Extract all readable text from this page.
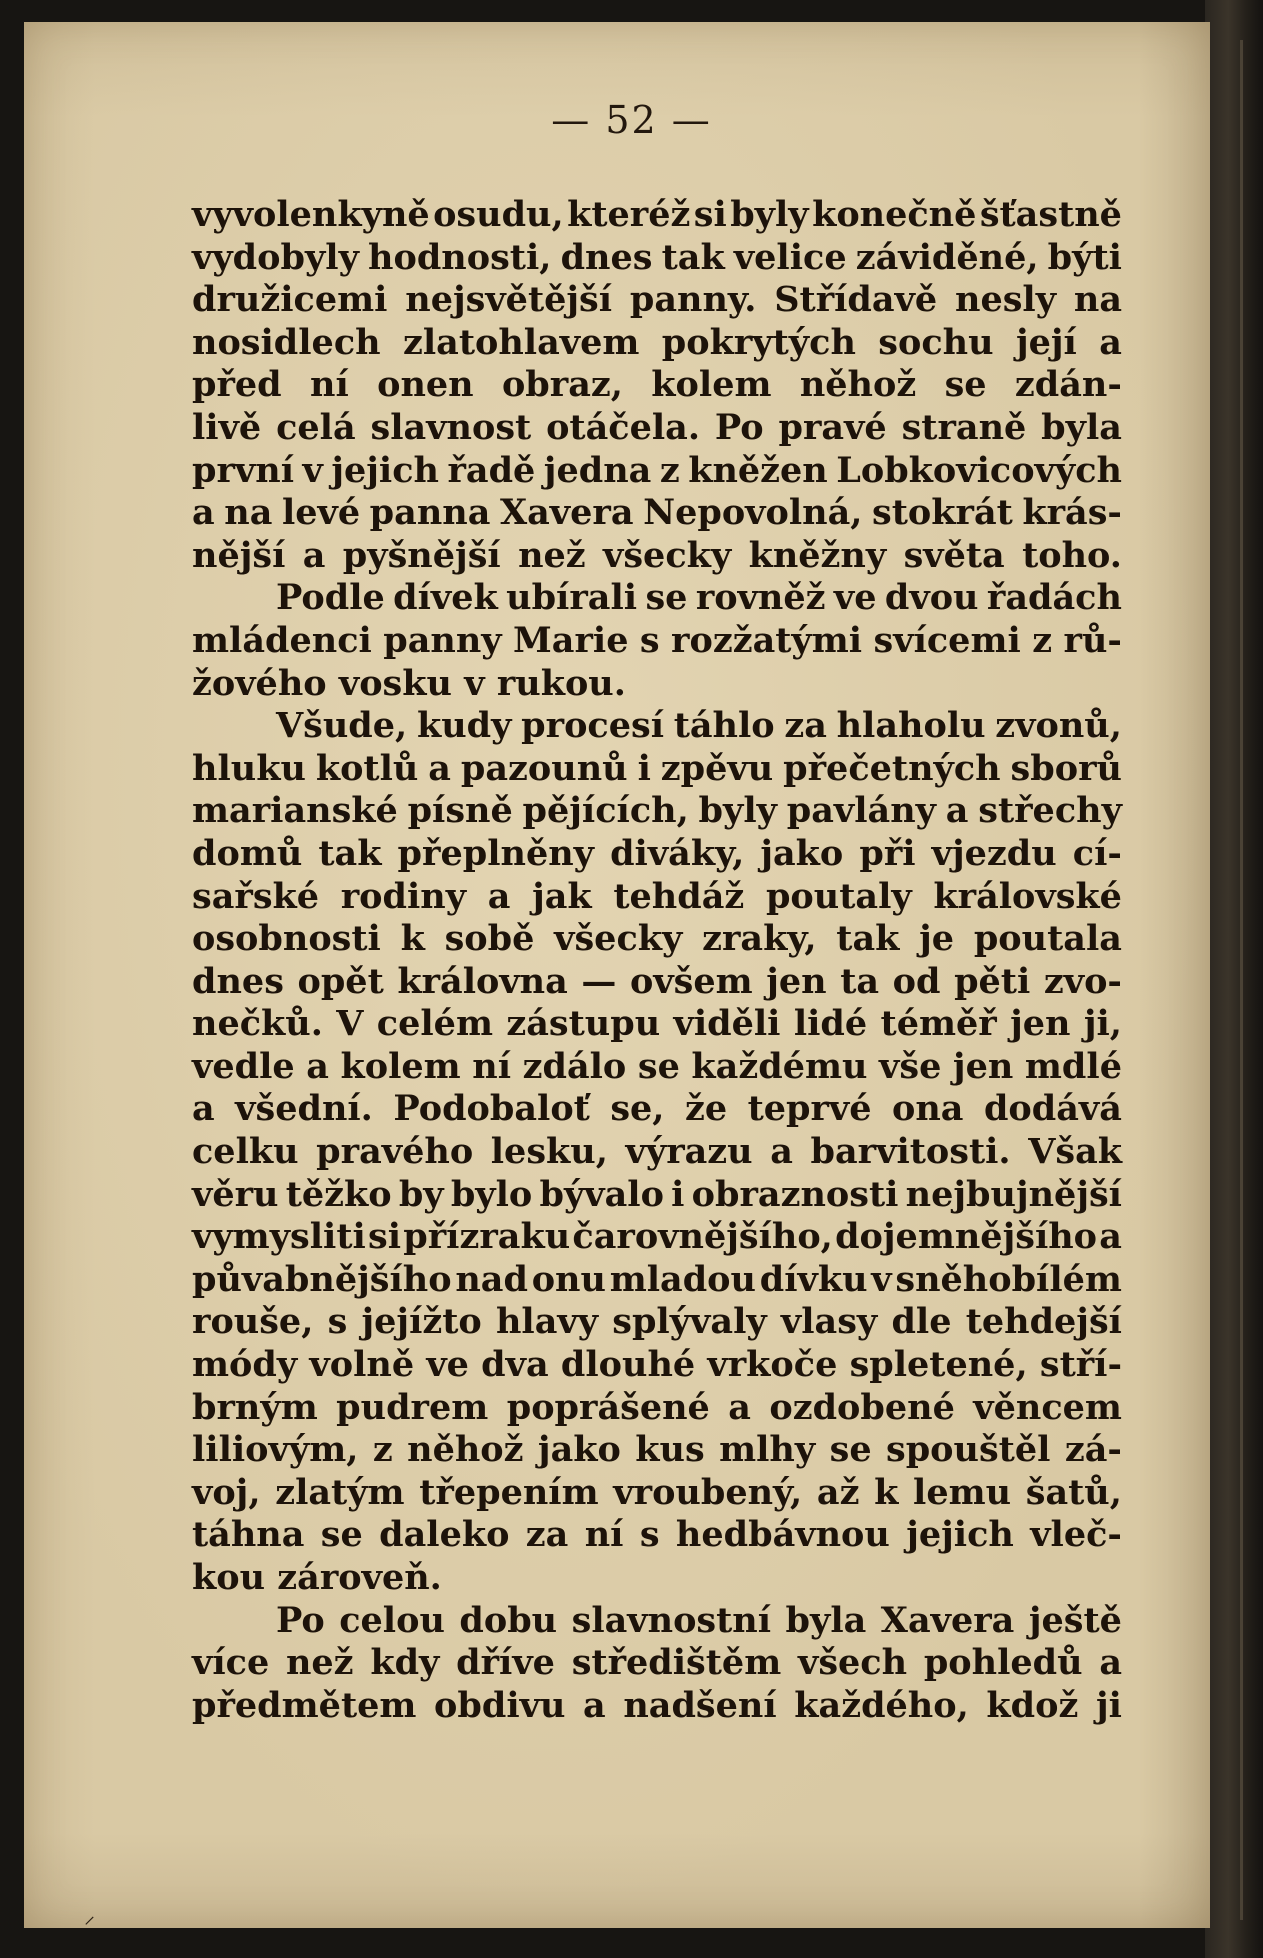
— 52 —
vyvolenkyně osudu, kteréž si byly konečně šťastně
vydobyly hodnosti, dnes tak velice záviděné, býti
družicemi nejsvětější panny. Střídavě nesly na
nosidlech zlatohlavem pokrytých sochu její a
před ní onen obraz, kolem něhož se zdán-
livě celá slavnost otáčela. Po pravé straně byla
první v jejich řadě jedna z kněžen Lobkovicových
a na levé panna Xavera Nepovolná, stokrát krás-
nější a pyšnější než všecky kněžny světa toho.
Podle dívek ubírali se rovněž ve dvou řadách
mládenci panny Marie s rozžatými svícemi z rů-
žového vosku v rukou.
Všude, kudy procesí táhlo za hlaholu zvonů,
hluku kotlů a pazounů i zpěvu přečetných sborů
marianské písně pějících, byly pavlány a střechy
domů tak přeplněny diváky, jako při vjezdu cí-
sařské rodiny a jak tehdáž poutaly královské
osobnosti k sobě všecky zraky, tak je poutala
dnes opět královna — ovšem jen ta od pěti zvo-
nečků. V celém zástupu viděli lidé téměř jen ji,
vedle a kolem ní zdálo se každému vše jen mdlé
a všední. Podobaloť se, že teprvé ona dodává
celku pravého lesku, výrazu a barvitosti. Však
věru těžko by bylo bývalo i obraznosti nejbujnější
vymysliti si přízraku čarovnějšího, dojemnějšího a
půvabnějšího nad onu mladou dívku v sněhobílém
rouše, s jejížto hlavy splývaly vlasy dle tehdejší
módy volně ve dva dlouhé vrkoče spletené, stří-
brným pudrem poprášené a ozdobené věncem
liliovým, z něhož jako kus mlhy se spouštěl zá-
voj, zlatým třepením vroubený, až k lemu šatů,
táhna se daleko za ní s hedbávnou jejich vleč-
kou zároveň.
Po celou dobu slavnostní byla Xavera ještě
více než kdy dříve středištěm všech pohledů a
předmětem obdivu a nadšení každého, kdož ji
⸝
